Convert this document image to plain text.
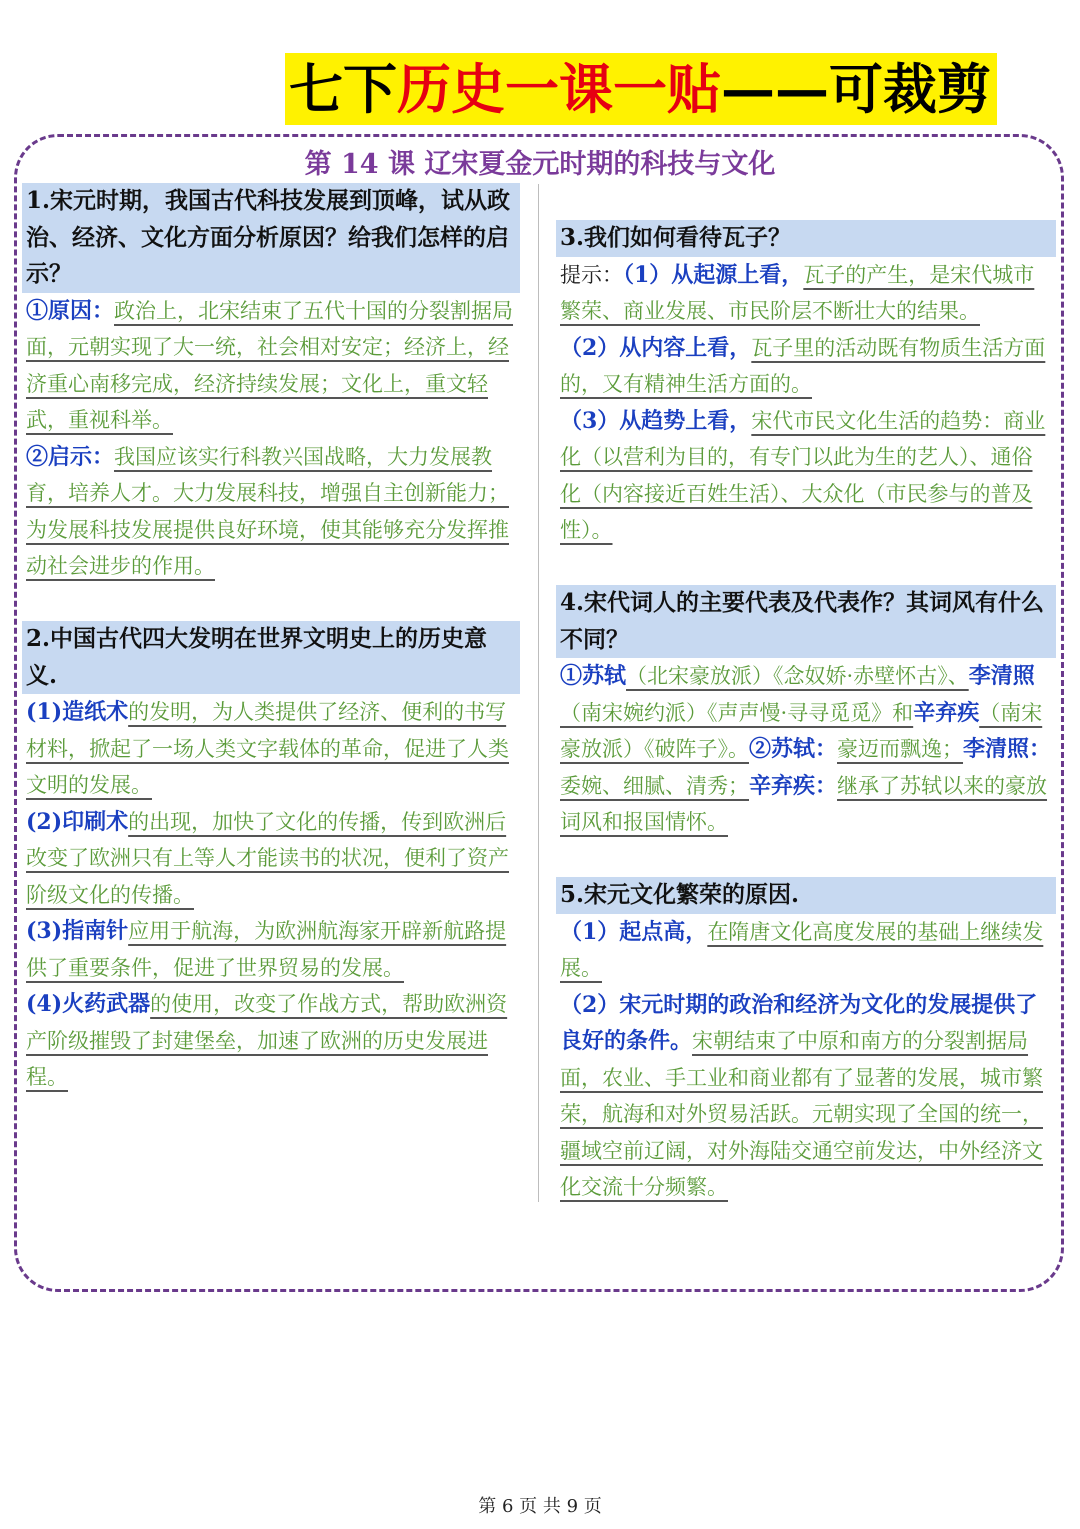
七下历史一课一贴——可裁剪
第 14 课 辽宋夏金元时期的科技与文化
1.宋元时期，我国古代科技发展到顶峰，试从政治、经济、文化方面分析原因？给我们怎样的启示？
①原因：政治上，北宋结束了五代十国的分裂割据局面，元朝实现了大一统，社会相对安定；经济上，经济重心南移完成，经济持续发展；文化上，重文轻武，重视科举。
②启示：我国应该实行科教兴国战略，大力发展教育，培养人才。大力发展科技，增强自主创新能力；为发展科技发展提供良好环境，使其能够充分发挥推动社会进步的作用。
2.中国古代四大发明在世界文明史上的历史意义.
(1)造纸术的发明，为人类提供了经济、便利的书写材料，掀起了一场人类文字载体的革命，促进了人类文明的发展。
(2)印刷术的出现，加快了文化的传播，传到欧洲后改变了欧洲只有上等人才能读书的状况，便利了资产阶级文化的传播。
(3)指南针应用于航海，为欧洲航海家开辟新航路提供了重要条件，促进了世界贸易的发展。
(4)火药武器的使用，改变了作战方式，帮助欧洲资产阶级摧毁了封建堡垒，加速了欧洲的历史发展进程。
3.我们如何看待瓦子？
提示：（1）从起源上看，瓦子的产生，是宋代城市繁荣、商业发展、市民阶层不断壮大的结果。
（2）从内容上看，瓦子里的活动既有物质生活方面的，又有精神生活方面的。
（3）从趋势上看，宋代市民文化生活的趋势：商业化（以营利为目的，有专门以此为生的艺人）、通俗化（内容接近百姓生活）、大众化（市民参与的普及性）。
4.宋代词人的主要代表及代表作？其词风有什么不同？
①苏轼（北宋豪放派）《念奴娇·赤壁怀古》、李清照（南宋婉约派）《声声慢·寻寻觅觅》和辛弃疾（南宋豪放派）《破阵子》。②苏轼：豪迈而飘逸；李清照：委婉、细腻、清秀；辛弃疾：继承了苏轼以来的豪放词风和报国情怀。
5.宋元文化繁荣的原因.
（1）起点高，在隋唐文化高度发展的基础上继续发展。
（2）宋元时期的政治和经济为文化的发展提供了良好的条件。宋朝结束了中原和南方的分裂割据局面，农业、手工业和商业都有了显著的发展，城市繁荣，航海和对外贸易活跃。元朝实现了全国的统一，疆域空前辽阔，对外海陆交通空前发达，中外经济文化交流十分频繁。
第 6 页 共 9 页
